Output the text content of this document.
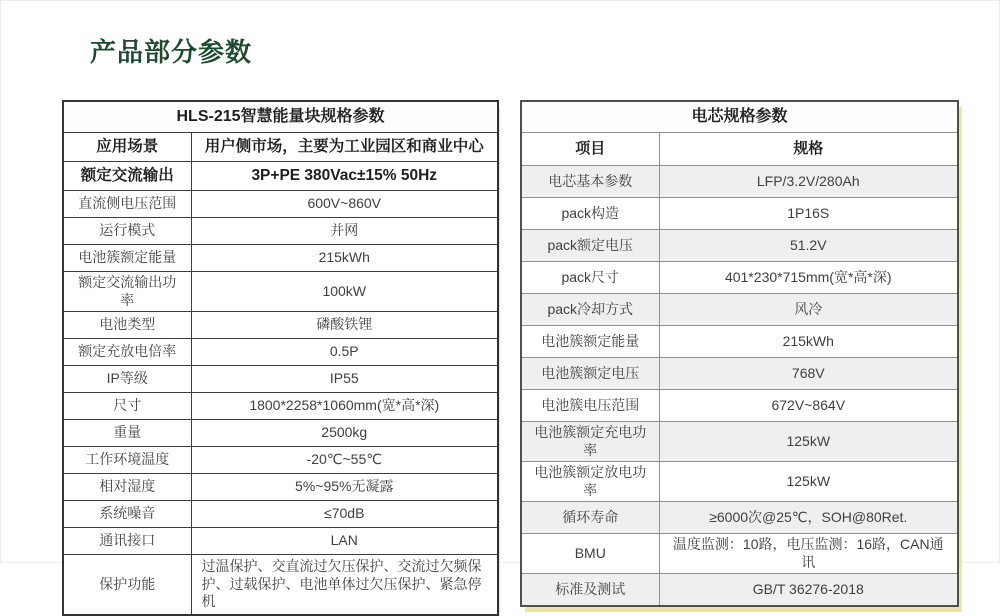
产品部分参数
HLS-215智慧能量块规格参数	
应用场景	用户侧市场，主要为工业园区和商业中心
额定交流输出	3P+PE 380Vac±15% 50Hz
直流侧电压范围	600V~860V
运行模式	并网
电池簇额定能量	215kWh
额定交流输出功率	100kW
电池类型	磷酸铁锂
额定充放电倍率	0.5P
IP等级	IP55
尺寸	1800*2258*1060mm(宽*高*深)
重量	2500kg
工作环境温度	-20℃~55℃
相对湿度	5%~95%无凝露
系统噪音	≤70dB
通讯接口	LAN
保护功能	过温保护、交直流过欠压保护、交流过欠频保护、过载保护、电池单体过欠压保护、紧急停机
电芯规格参数	
项目	规格
电芯基本参数	LFP/3.2V/280Ah
pack构造	1P16S
pack额定电压	51.2V
pack尺寸	401*230*715mm(宽*高*深)
pack冷却方式	风冷
电池簇额定能量	215kWh
电池簇额定电压	768V
电池簇电压范围	672V~864V
电池簇额定充电功率	125kW
电池簇额定放电功率	125kW
循环寿命	≥6000次@25℃，SOH@80Ret.
BMU	温度监测：10路，电压监测：16路，CAN通讯
标准及测试	GB/T 36276-2018
